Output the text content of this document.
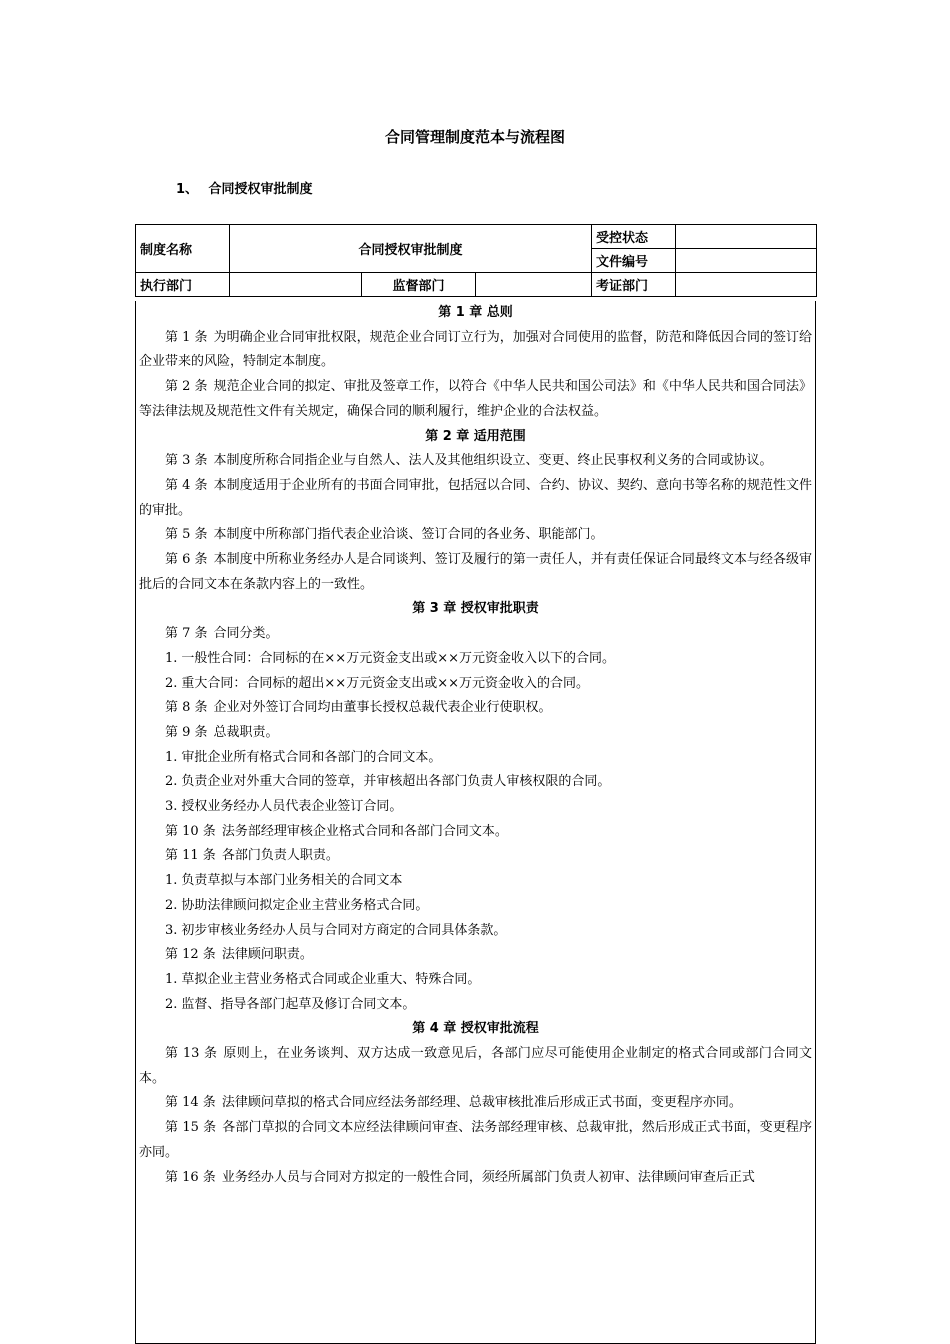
合同管理制度范本与流程图
1、 合同授权审批制度
制度名称	合同授权审批制度			受控状态	
				文件编号	
执行部门		监督部门		考证部门	
第 1 章 总则
第 1 条 为明确企业合同审批权限，规范企业合同订立行为，加强对合同使用的监督，防范和降低因合同的签订给企业带来的风险，特制定本制度。
第 2 条 规范企业合同的拟定、审批及签章工作，以符合《中华人民共和国公司法》和《中华人民共和国合同法》等法律法规及规范性文件有关规定，确保合同的顺利履行，维护企业的合法权益。
第 2 章 适用范围
第 3 条 本制度所称合同指企业与自然人、法人及其他组织设立、变更、终止民事权利义务的合同或协议。
第 4 条 本制度适用于企业所有的书面合同审批，包括冠以合同、合约、协议、契约、意向书等名称的规范性文件的审批。
第 5 条 本制度中所称部门指代表企业洽谈、签订合同的各业务、职能部门。
第 6 条 本制度中所称业务经办人是合同谈判、签订及履行的第一责任人，并有责任保证合同最终文本与经各级审批后的合同文本在条款内容上的一致性。
第 3 章 授权审批职责
第 7 条 合同分类。
1. 一般性合同：合同标的在××万元资金支出或××万元资金收入以下的合同。
2. 重大合同：合同标的超出××万元资金支出或××万元资金收入的合同。
第 8 条 企业对外签订合同均由董事长授权总裁代表企业行使职权。
第 9 条 总裁职责。
1. 审批企业所有格式合同和各部门的合同文本。
2. 负责企业对外重大合同的签章，并审核超出各部门负责人审核权限的合同。
3. 授权业务经办人员代表企业签订合同。
第 10 条 法务部经理审核企业格式合同和各部门合同文本。
第 11 条 各部门负责人职责。
1. 负责草拟与本部门业务相关的合同文本
2. 协助法律顾问拟定企业主营业务格式合同。
3. 初步审核业务经办人员与合同对方商定的合同具体条款。
第 12 条 法律顾问职责。
1. 草拟企业主营业务格式合同或企业重大、特殊合同。
2. 监督、指导各部门起草及修订合同文本。
第 4 章 授权审批流程
第 13 条 原则上，在业务谈判、双方达成一致意见后，各部门应尽可能使用企业制定的格式合同或部门合同文本。
第 14 条 法律顾问草拟的格式合同应经法务部经理、总裁审核批准后形成正式书面，变更程序亦同。
第 15 条 各部门草拟的合同文本应经法律顾问审查、法务部经理审核、总裁审批，然后形成正式书面，变更程序亦同。
第 16 条 业务经办人员与合同对方拟定的一般性合同，须经所属部门负责人初审、法律顾问审查后正式
